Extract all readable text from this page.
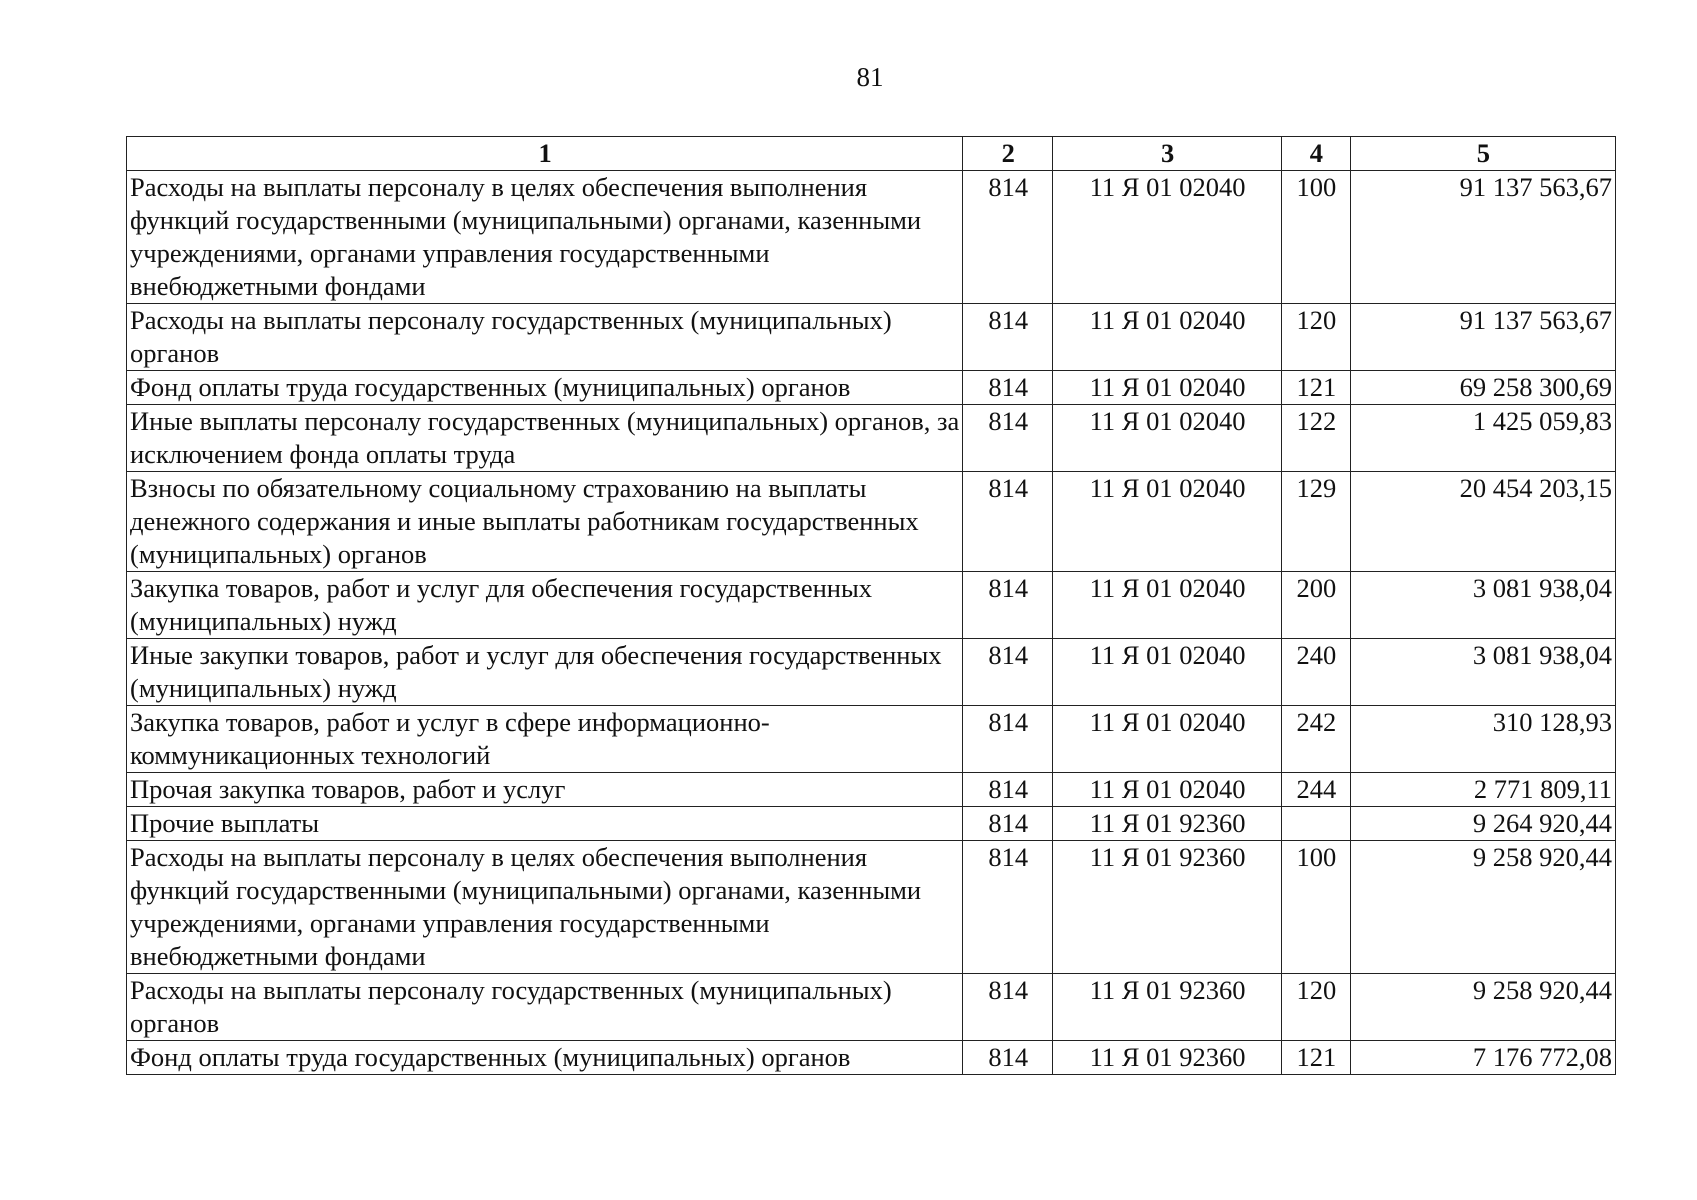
81
1	2	3	4	5
Расходы на выплаты персоналу в целях обеспечения выполнения функций государственными (муниципальными) органами, казенными учреждениями, органами управления государственными внебюджетными фондами	814	11 Я 01 02040	100	91 137 563,67
Расходы на выплаты персоналу государственных (муниципальных) органов	814	11 Я 01 02040	120	91 137 563,67
Фонд оплаты труда государственных (муниципальных) органов	814	11 Я 01 02040	121	69 258 300,69
Иные выплаты персоналу государственных (муниципальных) органов, за исключением фонда оплаты труда	814	11 Я 01 02040	122	1 425 059,83
Взносы по обязательному социальному страхованию на выплаты денежного содержания и иные выплаты работникам государственных (муниципальных) органов	814	11 Я 01 02040	129	20 454 203,15
Закупка товаров, работ и услуг для обеспечения государственных (муниципальных) нужд	814	11 Я 01 02040	200	3 081 938,04
Иные закупки товаров, работ и услуг для обеспечения государственных (муниципальных) нужд	814	11 Я 01 02040	240	3 081 938,04
Закупка товаров, работ и услуг в сфере информационно-коммуникационных технологий	814	11 Я 01 02040	242	310 128,93
Прочая закупка товаров, работ и услуг	814	11 Я 01 02040	244	2 771 809,11
Прочие выплаты	814	11 Я 01 92360		9 264 920,44
Расходы на выплаты персоналу в целях обеспечения выполнения функций государственными (муниципальными) органами, казенными учреждениями, органами управления государственными внебюджетными фондами	814	11 Я 01 92360	100	9 258 920,44
Расходы на выплаты персоналу государственных (муниципальных) органов	814	11 Я 01 92360	120	9 258 920,44
Фонд оплаты труда государственных (муниципальных) органов	814	11 Я 01 92360	121	7 176 772,08
